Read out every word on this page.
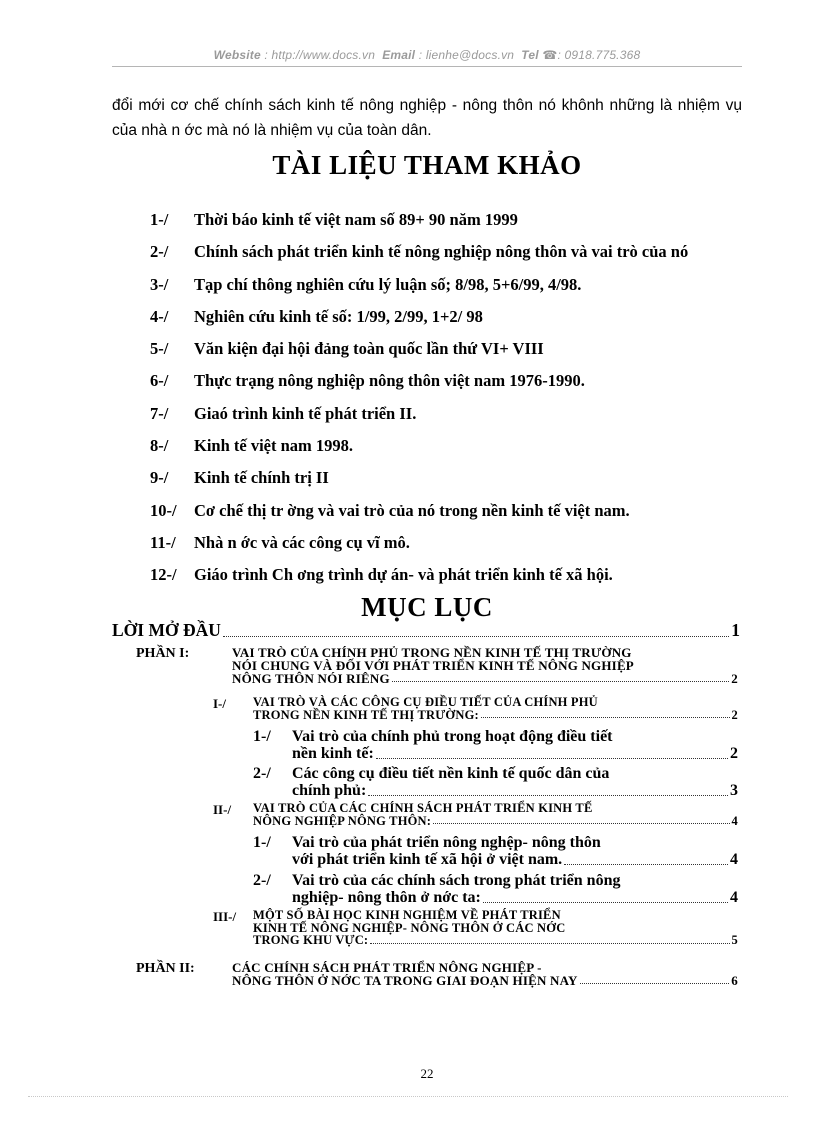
Website : http://www.docs.vn Email : lienhe@docs.vn Tel ☎: 0918.775.368
đổi mới cơ chế chính sách kinh tế nông nghiệp - nông thôn nó khônh những là nhiệm vụ của nhà n ớc mà nó là nhiệm vụ của toàn dân.
TÀI LIỆU THAM KHẢO
1-/ Thời báo kinh tế việt nam số 89+ 90 năm 1999
2-/ Chính sách phát triển kinh tế nông nghiệp nông thôn và vai trò của nó
3-/ Tạp chí thông nghiên cứu lý luận số; 8/98, 5+6/99, 4/98.
4-/ Nghiên cứu kinh tế số: 1/99, 2/99, 1+2/ 98
5-/ Văn kiện đại hội đảng toàn quốc lần thứ VI+ VIII
6-/ Thực trạng nông nghiệp nông thôn việt nam 1976-1990.
7-/ Giaó trình kinh tế phát triển II.
8-/ Kinh tế việt nam 1998.
9-/ Kinh tế chính trị II
10-/ Cơ chế thị tr ờng và vai trò của nó trong nền kinh tế việt nam.
11-/ Nhà n ớc và các công cụ vĩ mô.
12-/ Giáo trình Ch ơng trình dự án- và phát triển kinh tế xã hội.
MỤC LỤC
LỜI MỞ ĐẦU	1
PHẦN I:	VAI TRÒ CỦA CHÍNH PHỦ TRONG NỀN KINH TẾ THỊ TRƯỜNG
NÓI CHUNG VÀ ĐỐI VỚI PHÁT TRIỂN KINH TẾ NÔNG NGHIỆP
NÔNG THÔN NÓI RIÊNG	2
I-/ VAI TRÒ VÀ CÁC CÔNG CỤ ĐIỀU TIẾT CỦA CHÍNH PHỦ
TRONG NỀN KINH TẾ THỊ TRƯỜNG:	2
1-/ Vai trò của chính phủ trong hoạt động điều tiết
nền kinh tế:	2
2-/ Các công cụ điều tiết nền kinh tế quốc dân của
chính phủ:	3
II-/ VAI TRÒ CỦA CÁC CHÍNH SÁCH PHÁT TRIỂN KINH TẾ
NÔNG NGHIỆP NÔNG THÔN:	4
1-/ Vai trò của phát triển nông nghệp- nông thôn
với phát triển kinh tế xã hội ở việt nam.	4
2-/ Vai trò của các chính sách trong phát triển nông
nghiệp- nông thôn ở nớc ta:	4
III-/ MỘT SỐ BÀI HỌC KINH NGHIỆM VỀ PHÁT TRIỂN
KINH TẾ NÔNG NGHIỆP- NÔNG THÔN Ở CÁC NỚC
TRONG KHU VỰC:	5
PHẦN II:	CÁC CHÍNH SÁCH PHÁT TRIỂN NÔNG NGHIỆP -
NÔNG THÔN Ở NỚC TA TRONG GIAI ĐOẠN HIỆN NAY	6
22
